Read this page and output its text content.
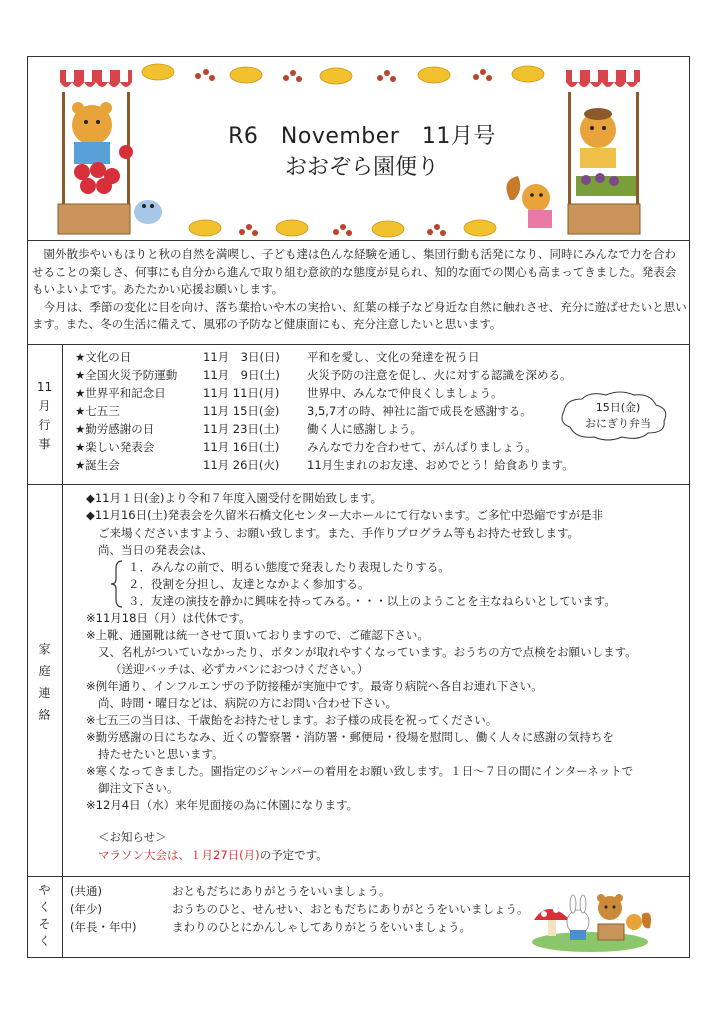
R6　November　11月号
おおぞら園便り

　園外散歩やいもほりと秋の自然を満喫し、子ども達は色んな経験を通し、集団行動も活発になり、同時にみんなで力を合わせることの楽しさ、何事にも自分から進んで取り組む意欲的な態度が見られ、知的な面での関心も高まってきました。発表会もいよいよです。あたたかい応援お願いします。

　今月は、季節の変化に目を向け、落ち葉拾いや木の実拾い、紅葉の様子など身近な自然に触れさせ、充分に遊ばせたいと思います。また、冬の生活に備えて、風邪の予防など健康面にも、充分注意したいと思います。

11
月
行
事
★文化の日	11月　3日(日) 平和を愛し、文化の発達を祝う日
★全国火災予防運動 11月　9日(土) 火災予防の注意を促し、火に対する認識を深める。
★世界平和記念日	11月 11日(月) 世界中、みんなで仲良くしましょう。
★七五三	11月 15日(金) 3,5,7才の時、神社に詣で成長を感謝する。
★勤労感謝の日	11月 23日(土) 働く人に感謝しよう。
★楽しい発表会	11月 16日(土) みんなで力を合わせて、がんばりましょう。
★誕生会	11月 26日(火) 11月生まれのお友達、おめでとう！給食あります。
15日(金)
おにぎり弁当
家
庭
連
絡
◆11月１日(金)より令和７年度入園受付を開始致します。
◆11月16日(土)発表会を久留米石橋文化センター大ホールにて行ないます。ご多忙中恐縮ですが是非
ご来場くださいますよう、お願い致します。また、手作りプログラム等もお持たせ致します。
尚、当日の発表会は、
１．みんなの前で、明るい態度で発表したり表現したりする。
２．役割を分担し、友達となかよく参加する。
３．友達の演技を静かに興味を持ってみる。・・・以上のようことを主なねらいとしています。
※11月18日（月）は代休です。
※上靴、通園靴は統一させて頂いておりますので、ご確認下さい。
又、名札がついていなかったり、ボタンが取れやすくなっています。おうちの方で点検をお願いします。
（送迎バッチは、必ずカバンにおつけください。）
※例年通り、インフルエンザの予防接種が実施中です。最寄り病院へ各自お連れ下さい。
尚、時間・曜日などは、病院の方にお問い合わせ下さい。
※七五三の当日は、千歳飴をお持たせします。お子様の成長を祝ってください。
※勤労感謝の日にちなみ、近くの警察署・消防署・郵便局・役場を慰問し、働く人々に感謝の気持ちを
持たせたいと思います。
※寒くなってきました。園指定のジャンパーの着用をお願い致します。１日～７日の間にインターネットで
御注文下さい。
※12月4日（水）来年児面接の為に休園になります。
＜お知らせ＞
マラソン大会は、１月27日(月)の予定です。
や
く
そ
く
(共通)	おともだちにありがとうをいいましょう。
(年少)	おうちのひと、せんせい、おともだちにありがとうをいいましょう。
(年長・年中)	まわりのひとにかんしゃしてありがとうをいいましょう。
